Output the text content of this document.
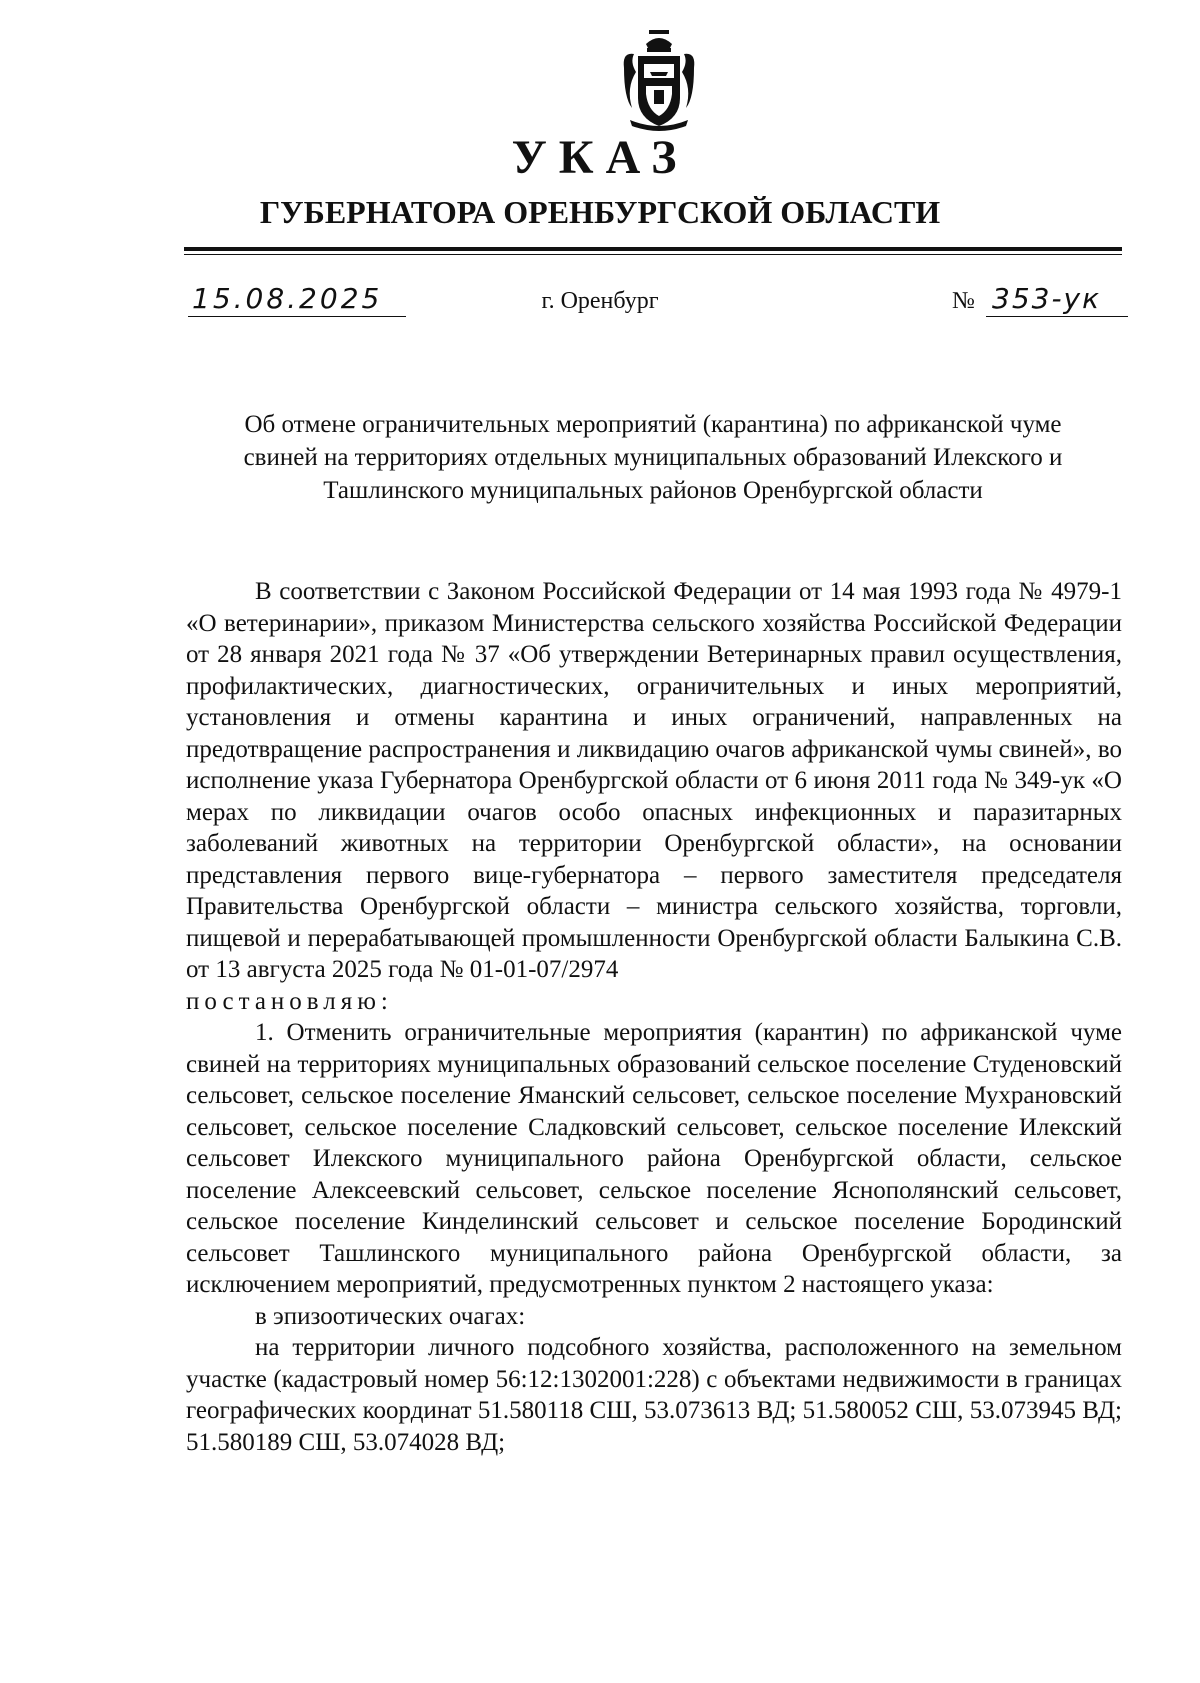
УКАЗ
ГУБЕРНАТОРА ОРЕНБУРГСКОЙ ОБЛАСТИ
15.08.2025	г. Оренбург	№ 353-ук
Об отмене ограничительных мероприятий (карантина) по африканской чуме
свиней на территориях отдельных муниципальных образований Илекского и
Ташлинского муниципальных районов Оренбургской области

В соответствии с Законом Российской Федерации от 14 мая 1993 года № 4979-1 «О ветеринарии», приказом Министерства сельского хозяйства Российской Федерации от 28 января 2021 года № 37 «Об утверждении Ветеринарных правил осуществления, профилактических, диагностических, ограничительных и иных мероприятий, установления и отмены карантина и иных ограничений, направленных на предотвращение распространения и ликвидацию очагов африканской чумы свиней», во исполнение указа Губернатора Оренбургской области от 6 июня 2011 года № 349-ук «О мерах по ликвидации очагов особо опасных инфекционных и паразитарных заболеваний животных на территории Оренбургской области», на основании представления первого вице-губернатора – первого заместителя председателя Правительства Оренбургской области – министра сельского хозяйства, торговли, пищевой и перерабатывающей промышленности Оренбургской области Балыкина С.В. от 13 августа 2025 года № 01-01-07/2974

постановляю:

1. Отменить ограничительные мероприятия (карантин) по африканской чуме свиней на территориях муниципальных образований сельское поселение Студеновский сельсовет, сельское поселение Яманский сельсовет, сельское поселение Мухрановский сельсовет, сельское поселение Сладковский сельсовет, сельское поселение Илекский сельсовет Илекского муниципального района Оренбургской области, сельское поселение Алексеевский сельсовет, сельское поселение Яснополянский сельсовет, сельское поселение Кинделинский сельсовет и сельское поселение Бородинский сельсовет Ташлинского муниципального района Оренбургской области, за исключением мероприятий, предусмотренных пунктом 2 настоящего указа:

в эпизоотических очагах:

на территории личного подсобного хозяйства, расположенного на земельном участке (кадастровый номер 56:12:1302001:228) с объектами недвижимости в границах географических координат 51.580118 СШ, 53.073613 ВД; 51.580052 СШ, 53.073945 ВД; 51.580189 СШ, 53.074028 ВД;
